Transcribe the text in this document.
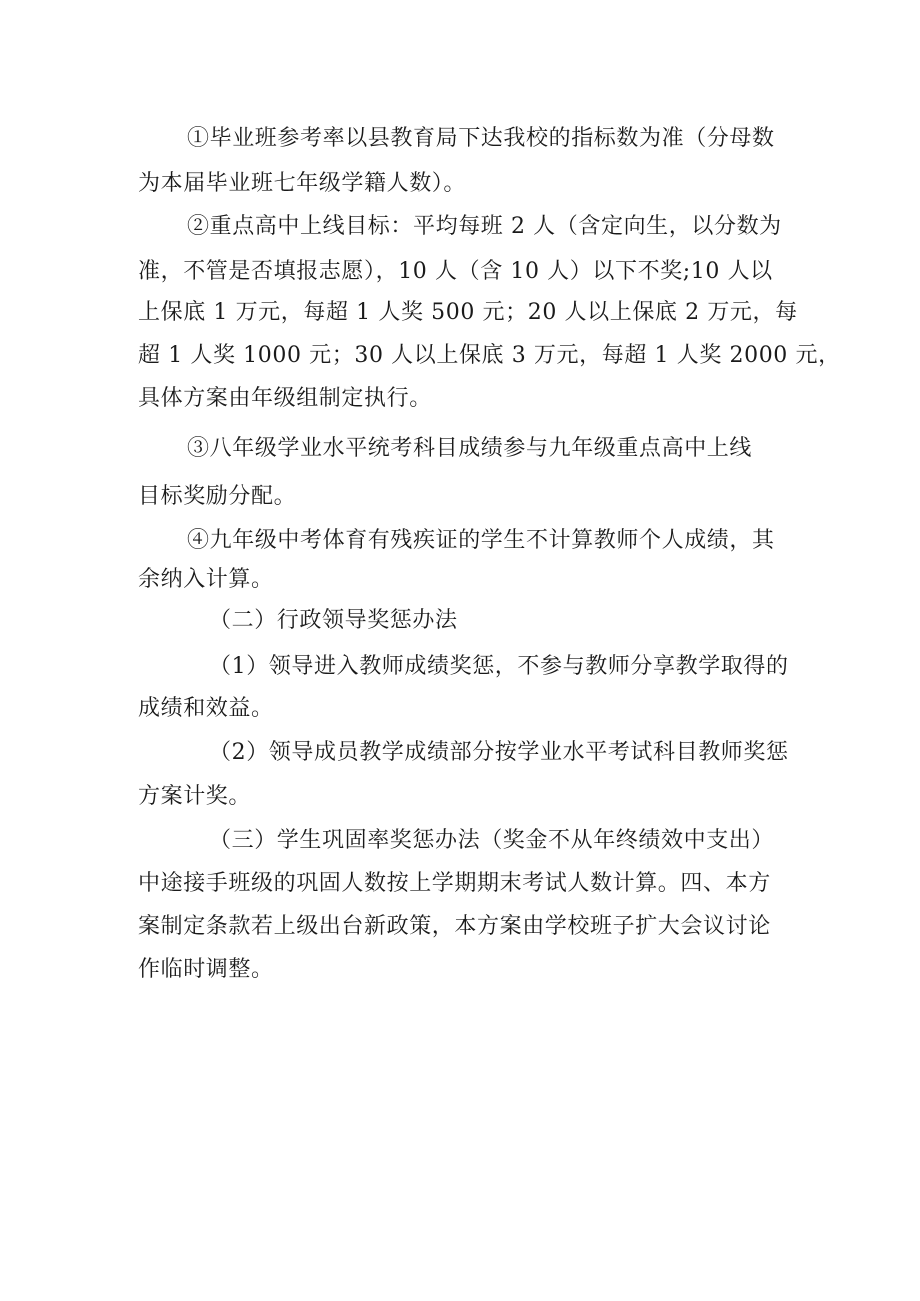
①毕业班参考率以县教育局下达我校的指标数为准（分母数

为本届毕业班七年级学籍人数）。

②重点高中上线目标：平均每班 2 人（含定向生，以分数为

准，不管是否填报志愿），10 人（含 10 人）以下不奖;10 人以

上保底 1 万元，每超 1 人奖 500 元；20 人以上保底 2 万元，每

超 1 人奖 1000 元；30 人以上保底 3 万元，每超 1 人奖 2000 元，

具体方案由年级组制定执行。

③八年级学业水平统考科目成绩参与九年级重点高中上线

目标奖励分配。

④九年级中考体育有残疾证的学生不计算教师个人成绩，其

余纳入计算。

（二）行政领导奖惩办法

（1）领导进入教师成绩奖惩，不参与教师分享教学取得的

成绩和效益。

（2）领导成员教学成绩部分按学业水平考试科目教师奖惩

方案计奖。

（三）学生巩固率奖惩办法（奖金不从年终绩效中支出）

中途接手班级的巩固人数按上学期期末考试人数计算。四、本方

案制定条款若上级出台新政策，本方案由学校班子扩大会议讨论

作临时调整。
